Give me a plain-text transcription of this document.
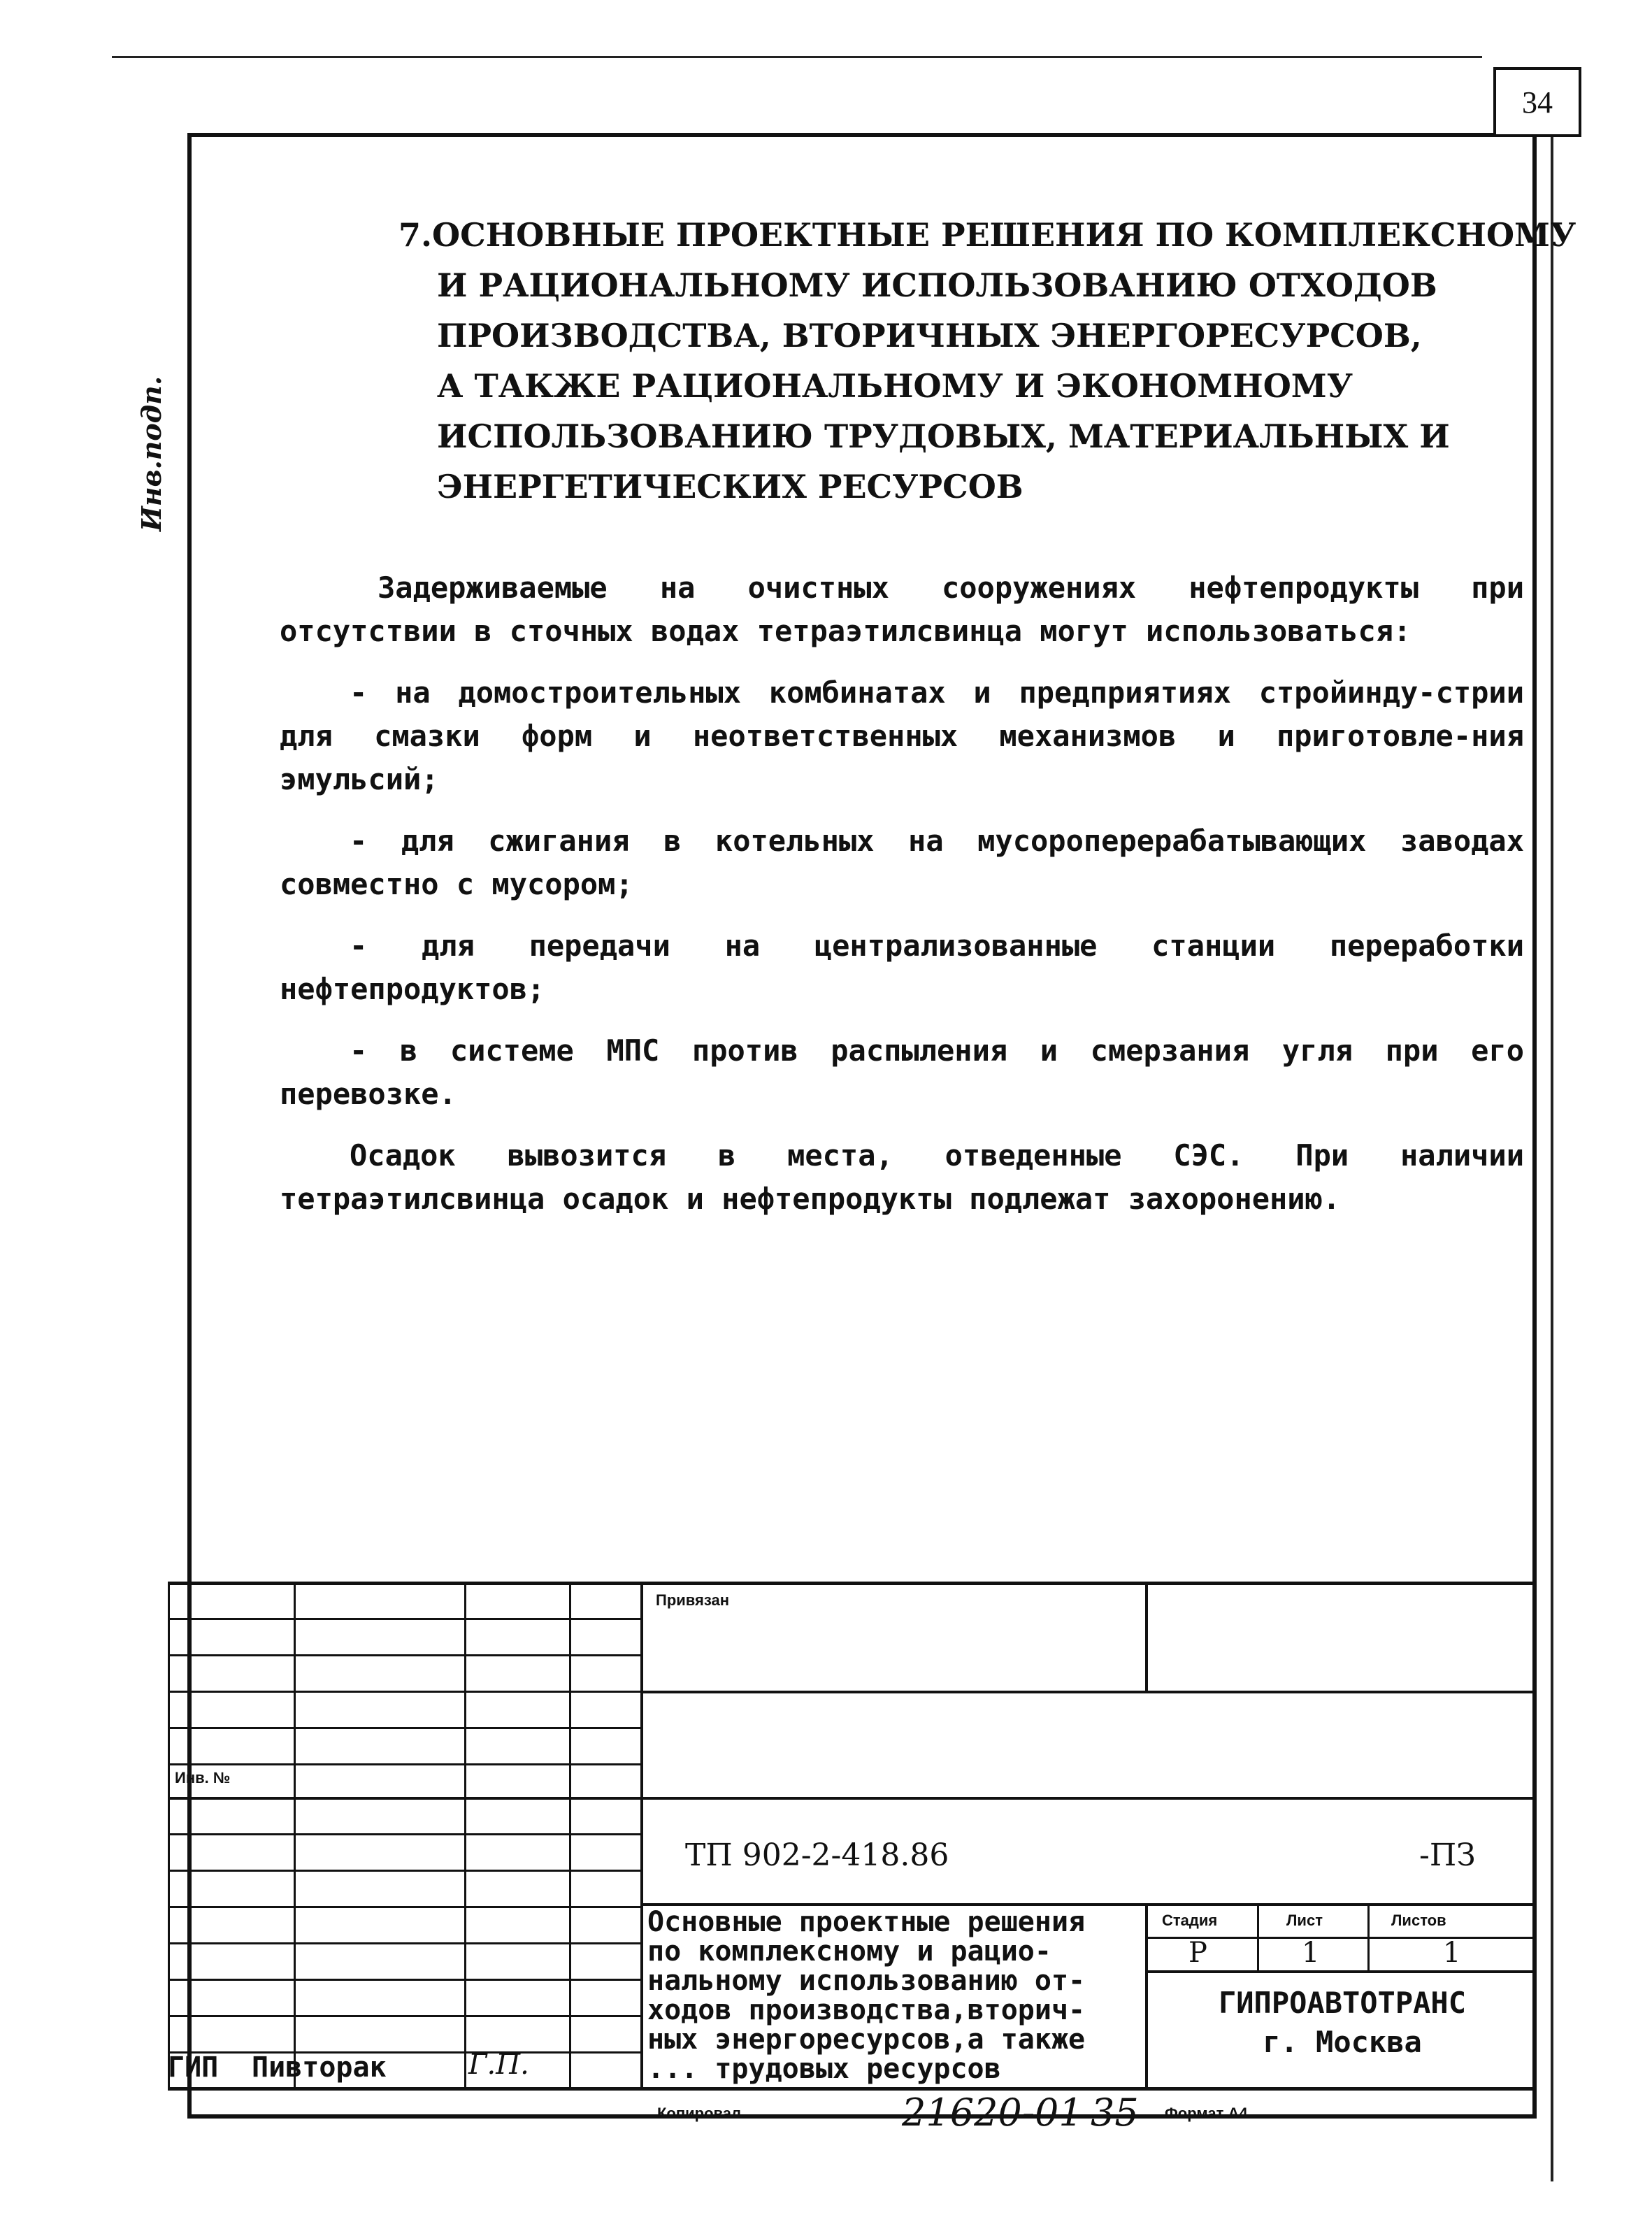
34
Инв.подп.
7.ОСНОВНЫЕ ПРОЕКТНЫЕ РЕШЕНИЯ ПО КОМПЛЕКСНОМУ
И РАЦИОНАЛЬНОМУ ИСПОЛЬЗОВАНИЮ ОТХОДОВ
ПРОИЗВОДСТВА, ВТОРИЧНЫХ ЭНЕРГОРЕСУРСОВ,
А ТАКЖЕ РАЦИОНАЛЬНОМУ И ЭКОНОМНОМУ
ИСПОЛЬЗОВАНИЮ ТРУДОВЫХ, МАТЕРИАЛЬНЫХ И
ЭНЕРГЕТИЧЕСКИХ РЕСУРСОВ

Задерживаемые на очистных сооружениях нефтепродукты при отсутствии в сточных водах тетраэтилсвинца могут использоваться:

- на домостроительных комбинатах и предприятиях стройинду-стрии для смазки форм и неответственных механизмов и приготовле-ния эмульсий;

- для сжигания в котельных на мусороперерабатывающих заводах совместно с мусором;

- для передачи на централизованные станции переработки нефтепродуктов;

- в системе МПС против распыления и смерзания угля при его перевозке.

Осадок вывозится в места, отведенные СЭС. При наличии тетраэтилсвинца осадок и нефтепродукты подлежат захоронению.

Привязан
Инв. №
ТП 902-2-418.86	-ПЗ
Основные проектные решения
по комплексному и рацио-
нальному использованию от-
ходов производства,вторич-
ных энергоресурсов,а также
... трудовых ресурсов
Стадия	Лист	Листов
Р	1	1
ГИПРОАВТОТРАНС
г. Москва
ГИП Пивторак	Г.П.
Копировал	21620-01 35 Формат А4
